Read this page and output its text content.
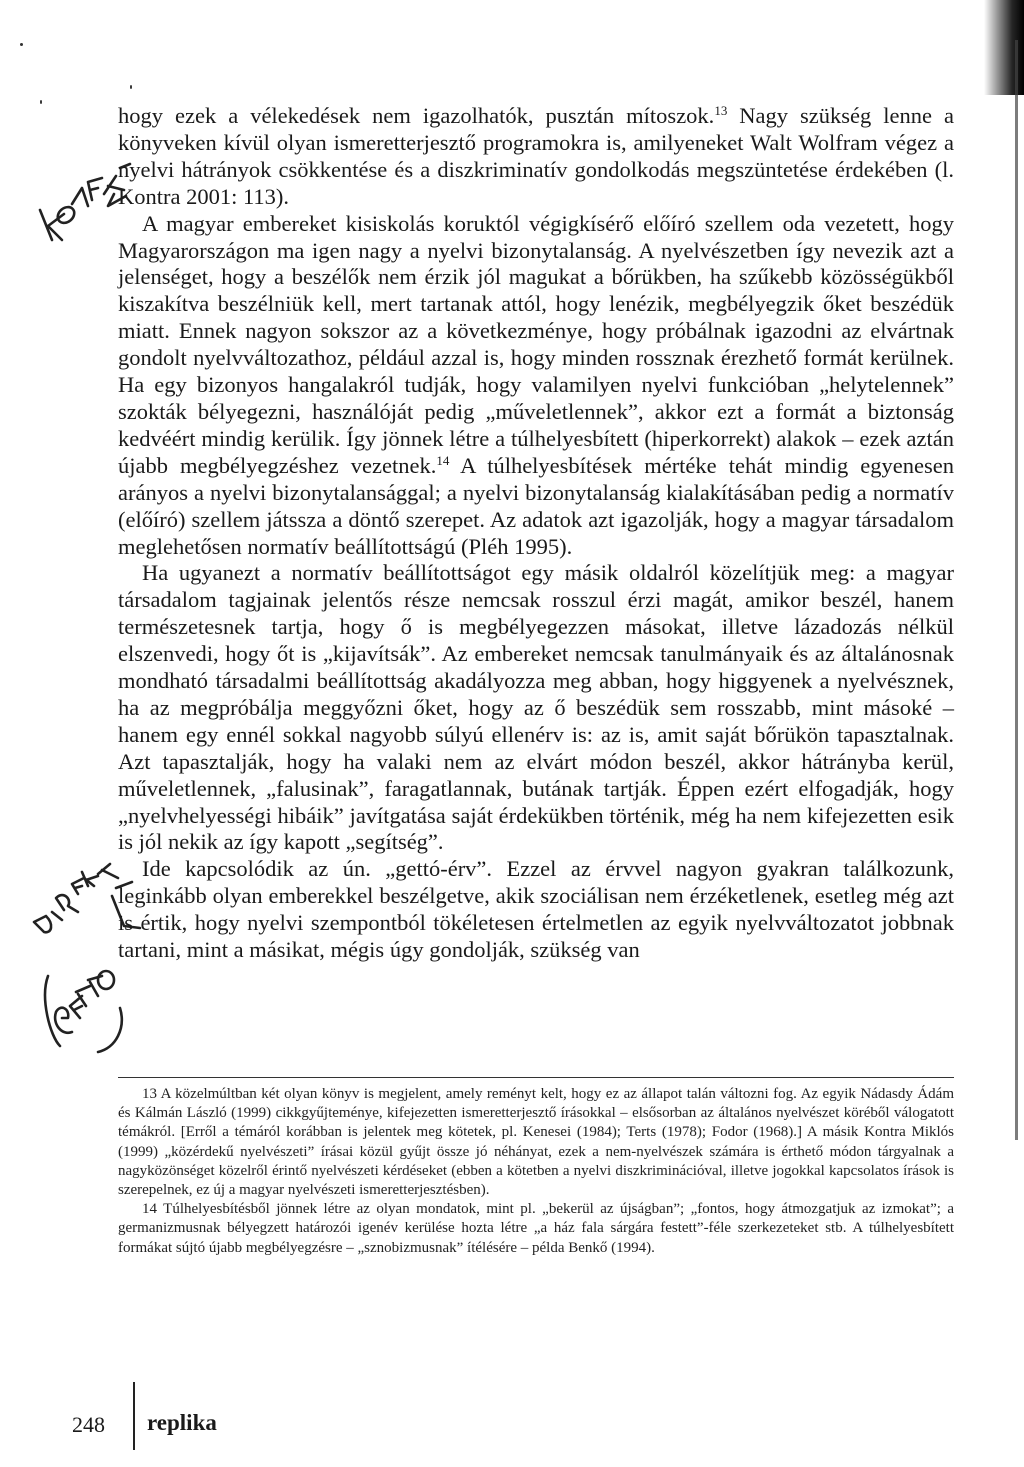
hogy ezek a vélekedések nem igazolhatók, pusztán mítoszok.$^{13}$ Nagy szükség lenne a könyveken kívül olyan ismeretterjesztő programokra is, amilyeneket Walt Wolfram végez a nyelvi hátrányok csökkentése és a diszkriminatív gondolkodás megszüntetése érdekében (l. Kontra 2001: 113).

A magyar embereket kisiskolás koruktól végigkísérő előíró szellem oda vezetett, hogy Magyarországon ma igen nagy a nyelvi bizonytalanság. A nyelvészetben így nevezik azt a jelenséget, hogy a beszélők nem érzik jól magukat a bőrükben, ha szűkebb közösségükből kiszakítva beszélniük kell, mert tartanak attól, hogy lenézik, megbélyegzik őket beszédük miatt. Ennek nagyon sokszor az a következménye, hogy próbálnak igazodni az elvártnak gondolt nyelvváltozathoz, például azzal is, hogy minden rossznak érezhető formát kerülnek. Ha egy bizonyos hangalakról tudják, hogy valamilyen nyelvi funkcióban „helytelennek” szokták bélyegezni, használóját pedig „műveletlennek”, akkor ezt a formát a biztonság kedvéért mindig kerülik. Így jönnek létre a túlhelyesbített (hiperkorrekt) alakok – ezek aztán újabb megbélyegzéshez vezetnek.$^{14}$ A túlhelyesbítések mértéke tehát mindig egyenesen arányos a nyelvi bizonytalansággal; a nyelvi bizonytalanság kialakításában pedig a normatív (előíró) szellem játssza a döntő szerepet. Az adatok azt igazolják, hogy a magyar társadalom meglehetősen normatív beállítottságú (Pléh 1995).

Ha ugyanezt a normatív beállítottságot egy másik oldalról közelítjük meg: a magyar társadalom tagjainak jelentős része nemcsak rosszul érzi magát, amikor beszél, hanem természetesnek tartja, hogy ő is megbélyegezzen másokat, illetve lázadozás nélkül elszenvedi, hogy őt is „kijavítsák”. Az embereket nemcsak tanulmányaik és az általánosnak mondható társadalmi beállítottság akadályozza meg abban, hogy higgyenek a nyelvésznek, ha az megpróbálja meggyőzni őket, hogy az ő beszédük sem rosszabb, mint másoké – hanem egy ennél sokkal nagyobb súlyú ellenérv is: az is, amit saját bőrükön tapasztalnak. Azt tapasztalják, hogy ha valaki nem az elvárt módon beszél, akkor hátrányba kerül, műveletlennek, „falusinak”, faragatlannak, butának tartják. Éppen ezért elfogadják, hogy „nyelvhelyességi hibáik” javítgatása saját érdekükben történik, még ha nem kifejezetten esik is jól nekik az így kapott „segítség”.

Ide kapcsolódik az ún. „gettó-érv”. Ezzel az érvvel nagyon gyakran találkozunk, leginkább olyan emberekkel beszélgetve, akik szociálisan nem érzéketlenek, esetleg még azt is értik, hogy nyelvi szempontból tökéletesen értelmetlen az egyik nyelvváltozatot jobbnak tartani, mint a másikat, mégis úgy gondolják, szükség van

13 A közelmúltban két olyan könyv is megjelent, amely reményt kelt, hogy ez az állapot talán változni fog. Az egyik Nádasdy Ádám és Kálmán László (1999) cikkgyűjteménye, kifejezetten ismeretterjesztő írásokkal – elsősorban az általános nyelvészet köréből válogatott témákról. [Erről a témáról korábban is jelentek meg kötetek, pl. Kenesei (1984); Terts (1978); Fodor (1968).] A másik Kontra Miklós (1999) „közérdekű nyelvészeti” írásai közül gyűjt össze jó néhányat, ezek a nem-nyelvészek számára is érthető módon tárgyalnak a nagyközönséget közelről érintő nyelvészeti kérdéseket (ebben a kötetben a nyelvi diszkriminációval, illetve jogokkal kapcsolatos írások is szerepelnek, ez új a magyar nyelvészeti ismeretterjesztésben).

14 Túlhelyesbítésből jönnek létre az olyan mondatok, mint pl. „bekerül az újságban”; „fontos, hogy átmozgatjuk az izmokat”; a germanizmusnak bélyegzett határozói igenév kerülése hozta létre „a ház fala sárgára festett”-féle szerkezeteket stb. A túlhelyesbített formákat sújtó újabb megbélyegzésre – „sznobizmusnak” ítélésére – példa Benkő (1994).

248 replika
